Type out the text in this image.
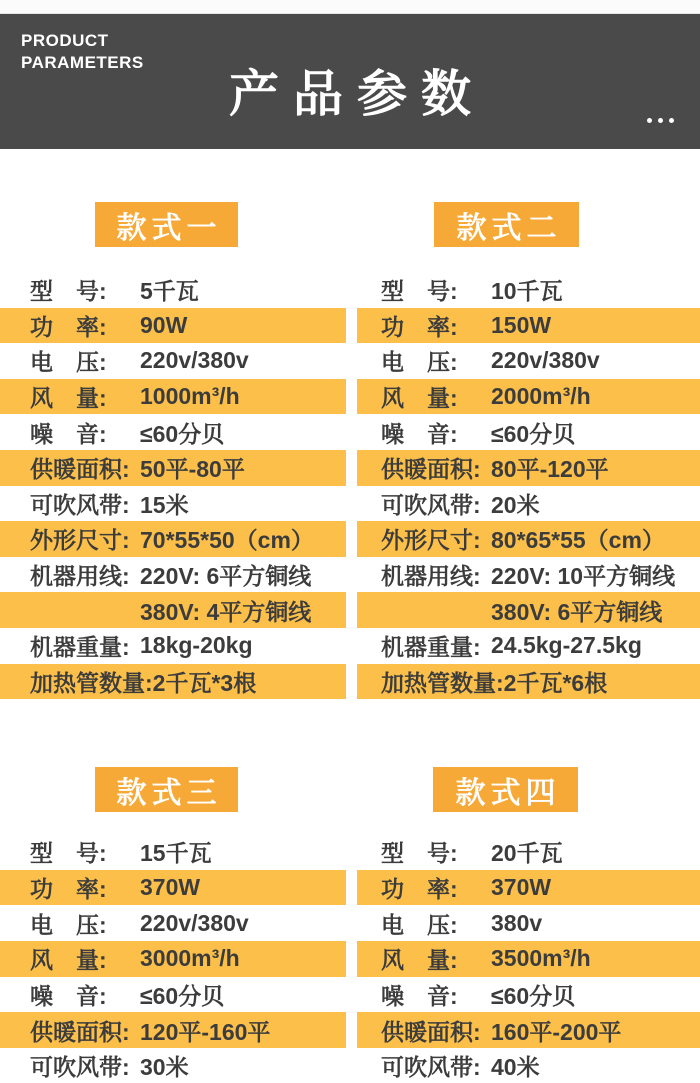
PRODUCT
PARAMETERS
产品参数
款式一	款式二
款式三	款式四
型　号:	5千瓦
功　率:	90W
电　压:	220v/380v
风　量:	1000m³/h
噪　音:	≤60分贝
供暖面积: 50平-80平
可吹风带: 15米
外形尺寸: 70*55*50（cm）
机器用线: 220V: 6平方铜线
380V: 4平方铜线
机器重量: 18kg-20kg
加热管数量: 2千瓦*3根
型　号:	10千瓦
功　率:	150W
电　压:	220v/380v
风　量:	2000m³/h
噪　音:	≤60分贝
供暖面积: 80平-120平
可吹风带: 20米
外形尺寸: 80*65*55（cm）
机器用线: 220V: 10平方铜线
380V: 6平方铜线
机器重量: 24.5kg-27.5kg
加热管数量: 2千瓦*6根
型　号:	15千瓦
功　率:	370W
电　压:	220v/380v
风　量:	3000m³/h
噪　音:	≤60分贝
供暖面积: 120平-160平
可吹风带: 30米
型　号:	20千瓦
功　率:	370W
电　压:	380v
风　量:	3500m³/h
噪　音:	≤60分贝
供暖面积: 160平-200平
可吹风带: 40米
